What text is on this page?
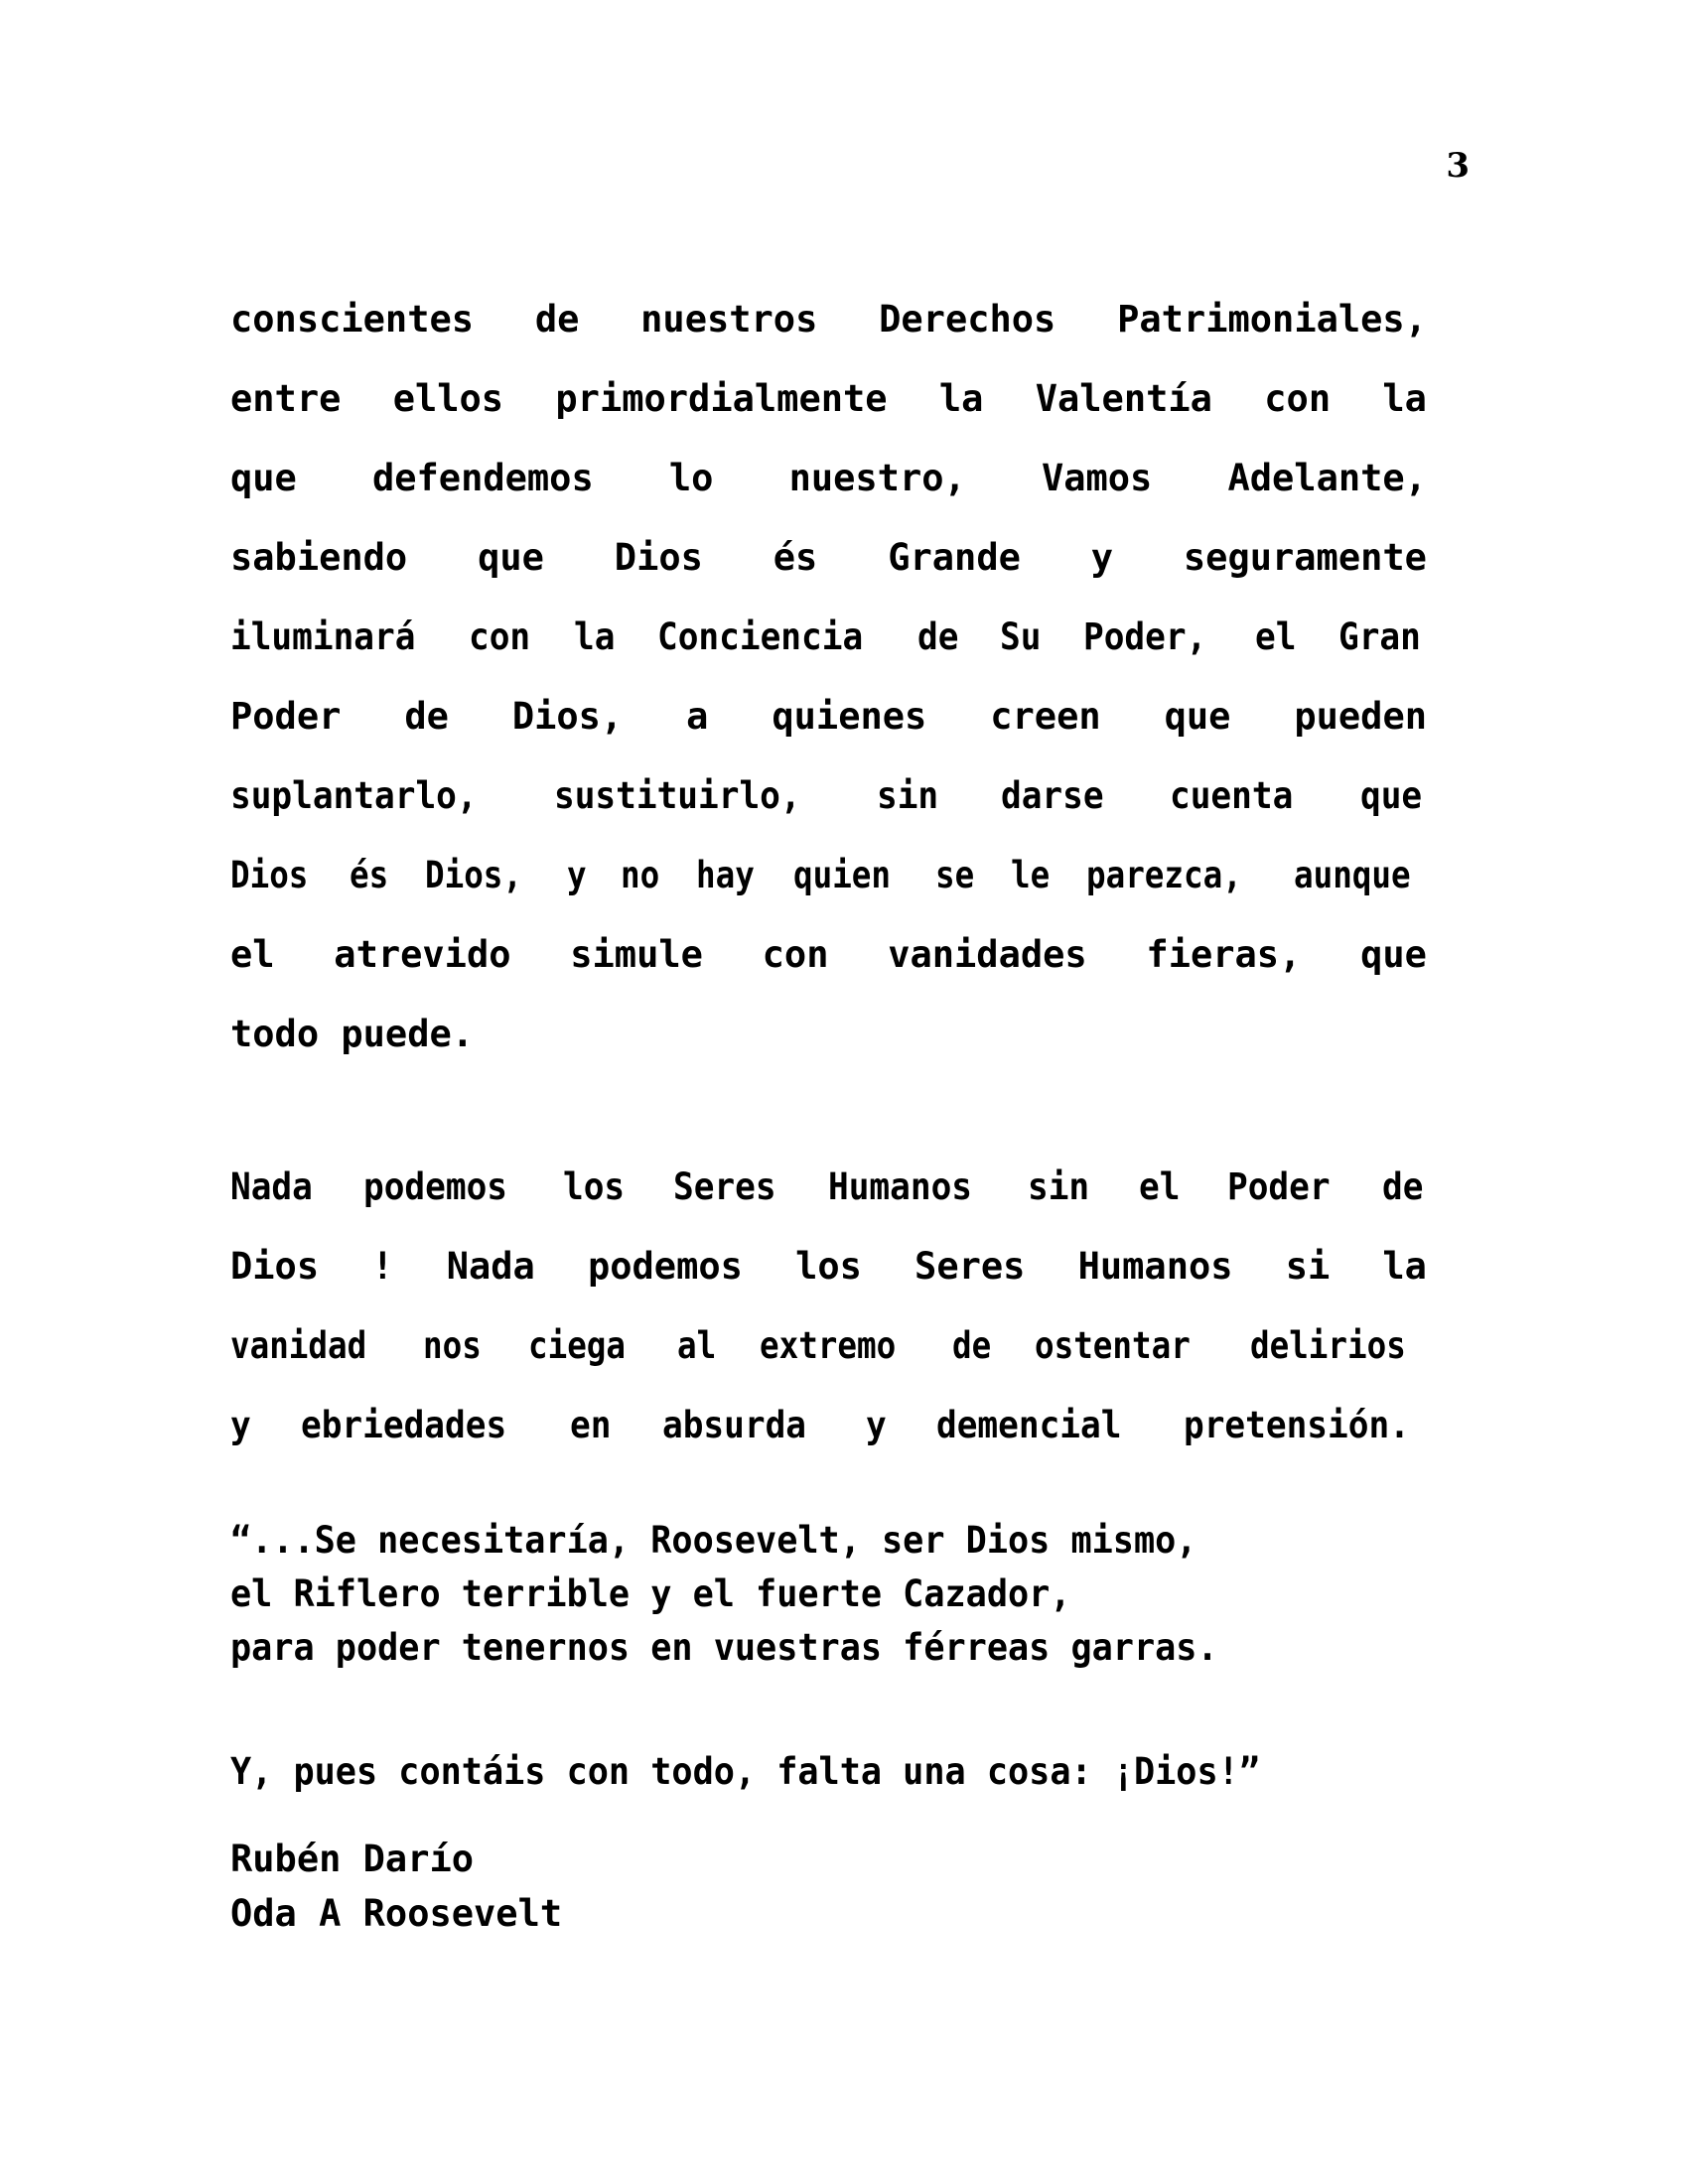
3
conscientes de nuestros Derechos Patrimoniales,
entre ellos primordialmente la Valentía con la
que defendemos lo nuestro, Vamos Adelante,
sabiendo que Dios és Grande y seguramente
iluminará con la Conciencia de Su Poder, el Gran
Poder de Dios, a quienes creen que pueden
suplantarlo, sustituirlo, sin darse cuenta que
Dios és Dios, y no hay quien se le parezca, aunque
el atrevido simule con vanidades fieras, que
todo puede.
Nada podemos los Seres Humanos sin el Poder de
Dios ! Nada podemos los Seres Humanos si la
vanidad nos ciega al extremo de ostentar delirios
y ebriedades en absurda y demencial pretensión.
“...Se necesitaría, Roosevelt, ser Dios mismo,
el Riflero terrible y el fuerte Cazador,
para poder tenernos en vuestras férreas garras.
Y, pues contáis con todo, falta una cosa: ¡Dios!”
Rubén Darío
Oda A Roosevelt
